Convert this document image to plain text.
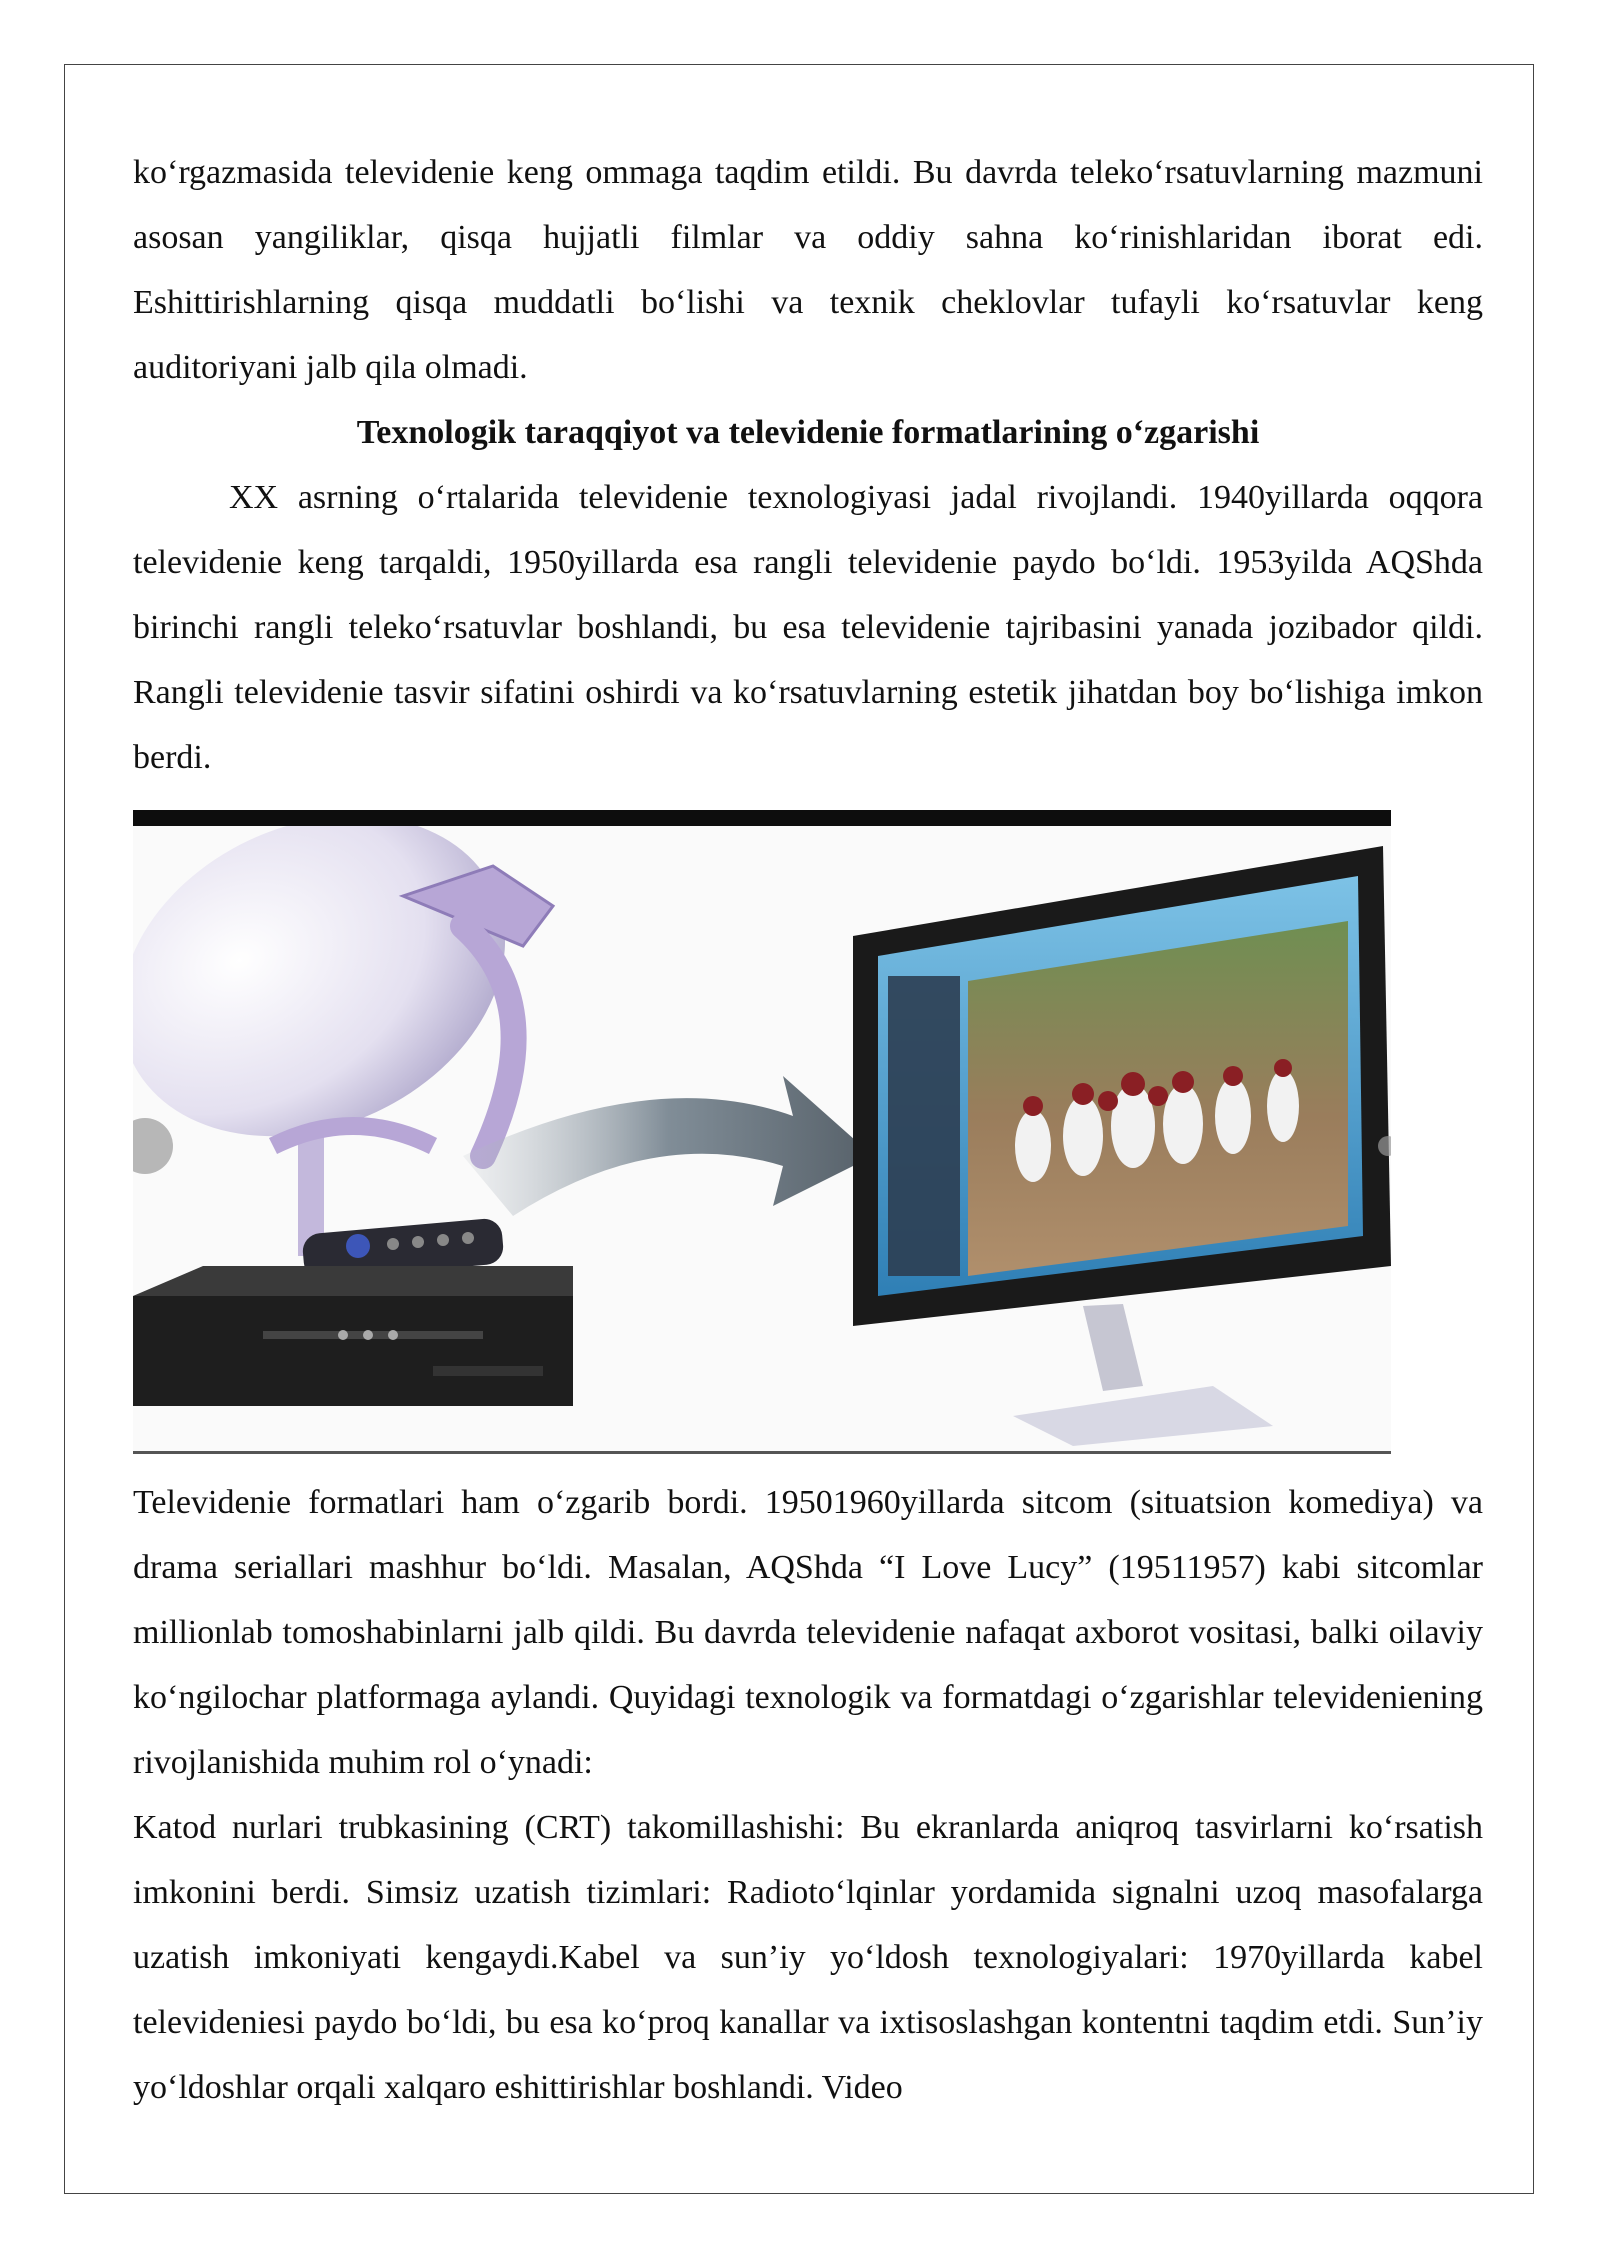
ko‘rgazmasida televidenie keng ommaga taqdim etildi. Bu davrda teleko‘rsatuvlarning mazmuni asosan yangiliklar, qisqa hujjatli filmlar va oddiy sahna ko‘rinishlaridan iborat edi. Eshittirishlarning qisqa muddatli bo‘lishi va texnik cheklovlar tufayli ko‘rsatuvlar keng auditoriyani jalb qila olmadi.

Texnologik taraqqiyot va televidenie formatlarining o‘zgarishi

XX asrning o‘rtalarida televidenie texnologiyasi jadal rivojlandi. 1940yillarda oqqora televidenie keng tarqaldi, 1950yillarda esa rangli televidenie paydo bo‘ldi. 1953yilda AQShda birinchi rangli teleko‘rsatuvlar boshlandi, bu esa televidenie tajribasini yanada jozibador qildi. Rangli televidenie tasvir sifatini oshirdi va ko‘rsatuvlarning estetik jihatdan boy bo‘lishiga imkon berdi.

Televidenie formatlari ham o‘zgarib bordi. 19501960yillarda sitcom (situatsion komediya) va drama seriallari mashhur bo‘ldi. Masalan, AQShda “I Love Lucy” (19511957) kabi sitcomlar millionlab tomoshabinlarni jalb qildi. Bu davrda televidenie nafaqat axborot vositasi, balki oilaviy ko‘ngilochar platformaga aylandi. Quyidagi texnologik va formatdagi o‘zgarishlar televideniening rivojlanishida muhim rol o‘ynadi:

Katod nurlari trubkasining (CRT) takomillashishi: Bu ekranlarda aniqroq tasvirlarni ko‘rsatish imkonini berdi. Simsiz uzatish tizimlari: Radioto‘lqinlar yordamida signalni uzoq masofalarga uzatish imkoniyati kengaydi.Kabel va sun’iy yo‘ldosh texnologiyalari: 1970yillarda kabel televideniesi paydo bo‘ldi, bu esa ko‘proq kanallar va ixtisoslashgan kontentni taqdim etdi. Sun’iy yo‘ldoshlar orqali xalqaro eshittirishlar boshlandi. Video
